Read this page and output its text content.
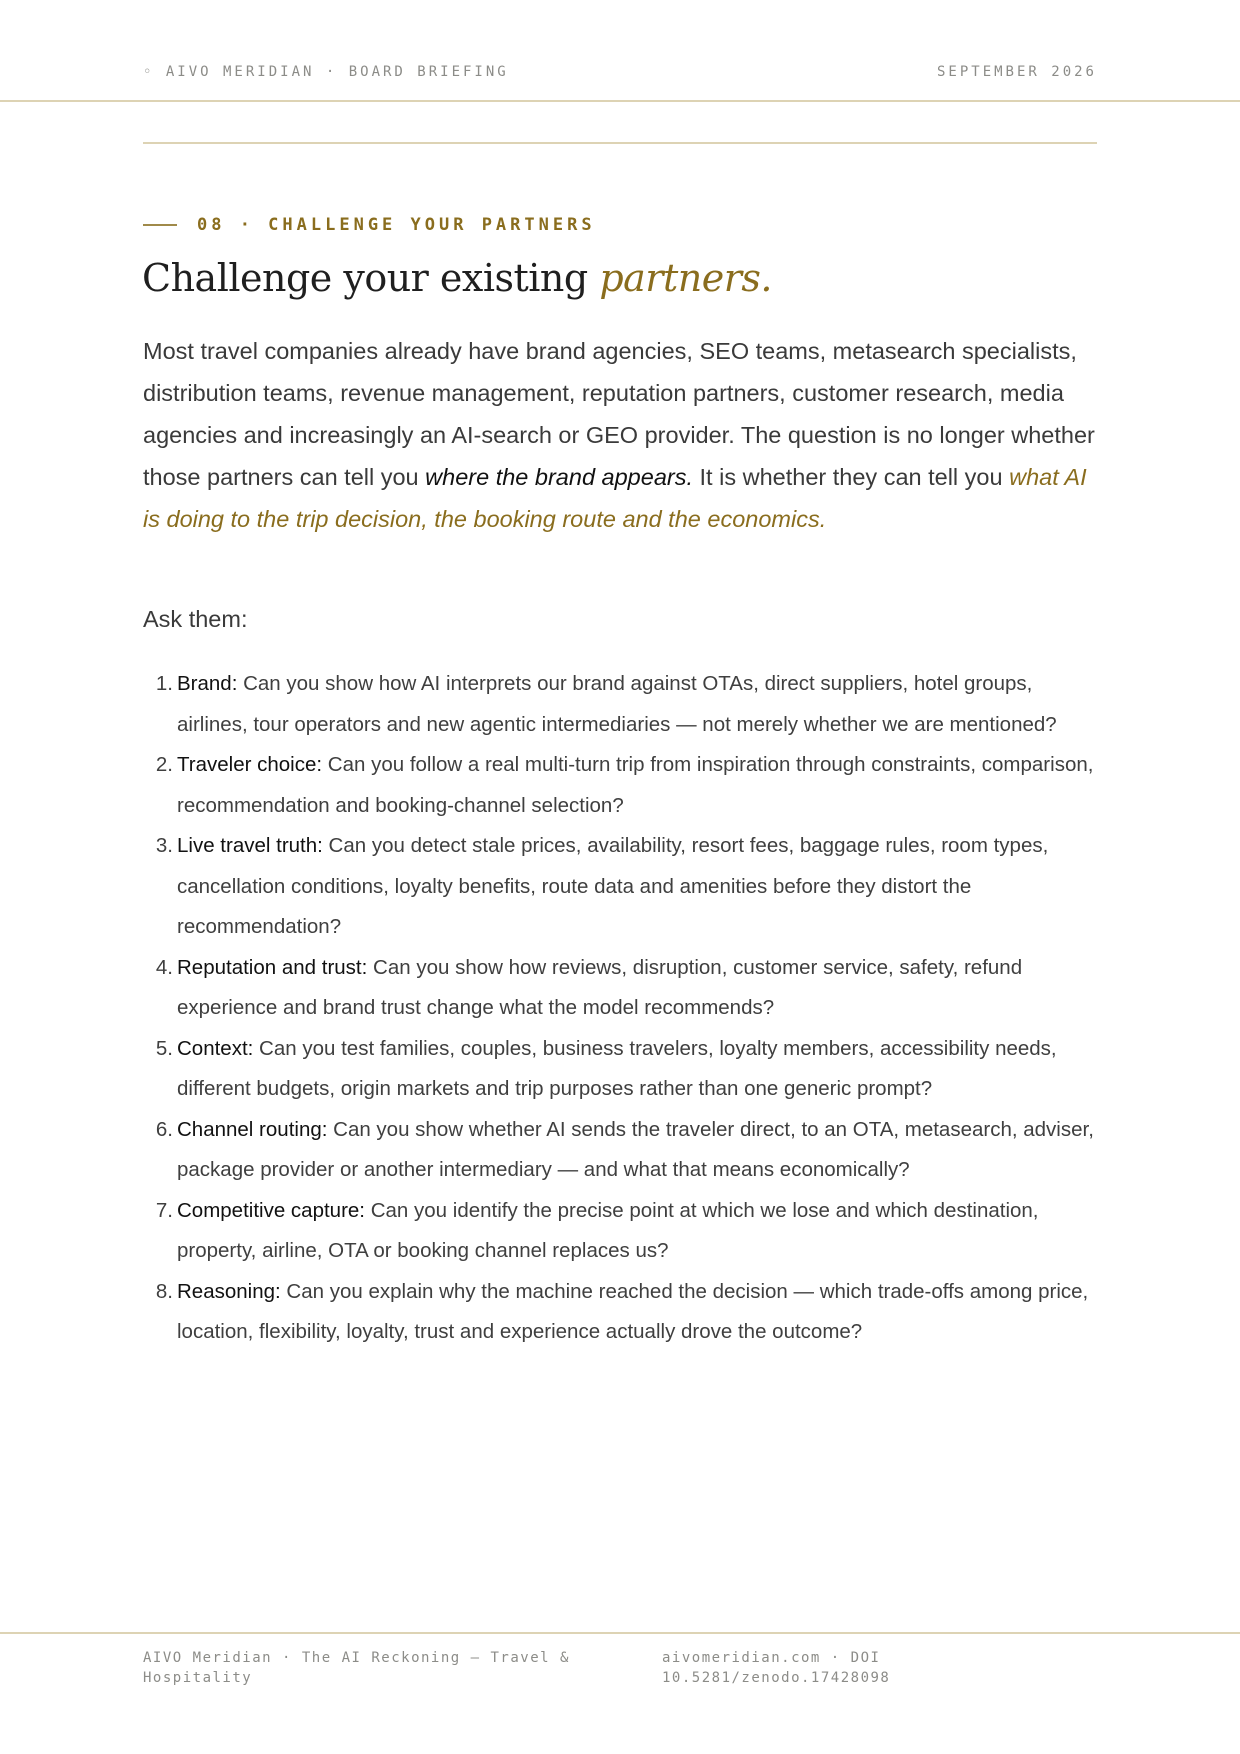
◦ AIVO MERIDIAN · BOARD BRIEFING	SEPTEMBER 2026
08 · CHALLENGE YOUR PARTNERS
Challenge your existing partners.

Most travel companies already have brand agencies, SEO teams, metasearch specialists, distribution teams, revenue management, reputation partners, customer research, media agencies and increasingly an AI-search or GEO provider. The question is no longer whether those partners can tell you where the brand appears. It is whether they can tell you what AI is doing to the trip decision, the booking route and the economics.

Ask them:

1. Brand: Can you show how AI interprets our brand against OTAs, direct suppliers, hotel groups, airlines, tour operators and new agentic intermediaries — not merely whether we are mentioned?
2. Traveler choice: Can you follow a real multi-turn trip from inspiration through constraints, comparison, recommendation and booking-channel selection?
3. Live travel truth: Can you detect stale prices, availability, resort fees, baggage rules, room types, cancellation conditions, loyalty benefits, route data and amenities before they distort the recommendation?
4. Reputation and trust: Can you show how reviews, disruption, customer service, safety, refund experience and brand trust change what the model recommends?
5. Context: Can you test families, couples, business travelers, loyalty members, accessibility needs, different budgets, origin markets and trip purposes rather than one generic prompt?
6. Channel routing: Can you show whether AI sends the traveler direct, to an OTA, metasearch, adviser, package provider or another intermediary — and what that means economically?
7. Competitive capture: Can you identify the precise point at which we lose and which destination, property, airline, OTA or booking channel replaces us?
8. Reasoning: Can you explain why the machine reached the decision — which trade-offs among price, location, flexibility, loyalty, trust and experience actually drove the outcome?
AIVO Meridian · The AI Reckoning — Travel & Hospitality
aivomeridian.com · DOI 10.5281/zenodo.17428098
